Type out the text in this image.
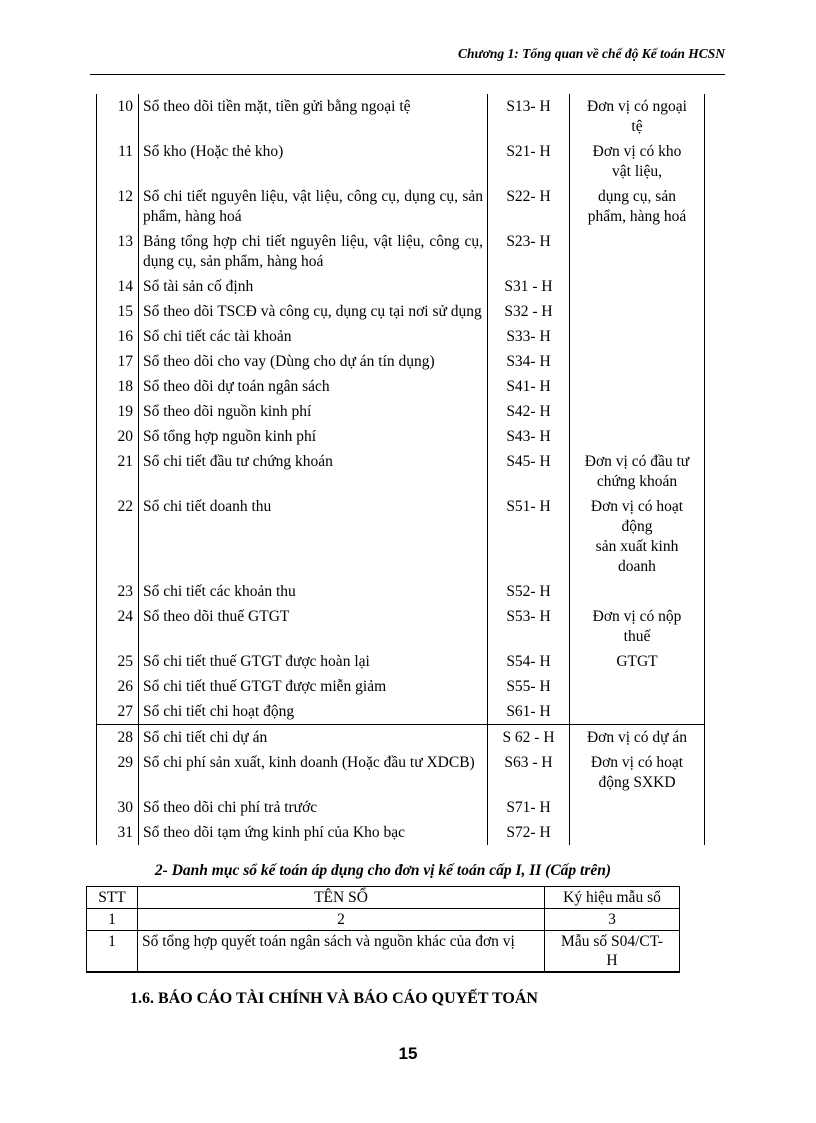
Chương 1: Tổng quan về chế độ Kế toán HCSN
10	Sổ theo dõi tiền mặt, tiền gửi bằng ngoại tệ	S13- H	Đơn vị có ngoại
tệ

11	Sổ kho (Hoặc thẻ kho)	S21- H	Đơn vị có kho
vật liệu,

12	Sổ chi tiết nguyên liệu, vật liệu, công cụ, dụng cụ, sản phẩm, hàng hoá	S22- H	dụng cụ, sản
phẩm, hàng hoá

13	Bảng tổng hợp chi tiết nguyên liệu, vật liệu, công cụ, dụng cụ, sản phẩm, hàng hoá	S23- H	
14	Sổ tài sản cố định	S31 - H	
15	Sổ theo dõi TSCĐ và công cụ, dụng cụ tại nơi sử dụng	S32 - H	
16	Sổ chi tiết các tài khoản	S33- H	
17	Sổ theo dõi cho vay (Dùng cho dự án tín dụng)	S34- H	
18	Sổ theo dõi dự toán ngân sách	S41- H	
19	Sổ theo dõi nguồn kinh phí	S42- H	
20	Sổ tổng hợp nguồn kinh phí	S43- H	
21	Sổ chi tiết đầu tư chứng khoán	S45- H	Đơn vị có đầu tư
chứng khoán

22	Sổ chi tiết doanh thu	S51- H	Đơn vị có hoạt
động
sản xuất kinh
doanh

23	Sổ chi tiết các khoản thu	S52- H	
24	Sổ theo dõi thuế GTGT	S53- H	Đơn vị có nộp
thuế

25	Sổ chi tiết thuế GTGT được hoàn lại	S54- H	GTGT

26	Sổ chi tiết thuế GTGT được miễn giảm	S55- H	
27	Sổ chi tiết chi hoạt động	S61- H	
28	Sổ chi tiết chi dự án	S 62 - H	Đơn vị có dự án

29	Sổ chi phí sản xuất, kinh doanh (Hoặc đầu tư XDCB)	S63 - H	Đơn vị có hoạt
động SXKD

30	Sổ theo dõi chi phí trả trước	S71- H	
31	Sổ theo dõi tạm ứng kinh phí của Kho bạc	S72- H	
2- Danh mục sổ kế toán áp dụng cho đơn vị kế toán cấp I, II (Cấp trên)
STT	TÊN SỔ	Ký hiệu mẫu sổ
1	2	3
1	Sổ tổng hợp quyết toán ngân sách và nguồn khác của đơn vị	Mẫu số S04/CT-
H
1.6. BÁO CÁO TÀI CHÍNH VÀ BÁO CÁO QUYẾT TOÁN
15
